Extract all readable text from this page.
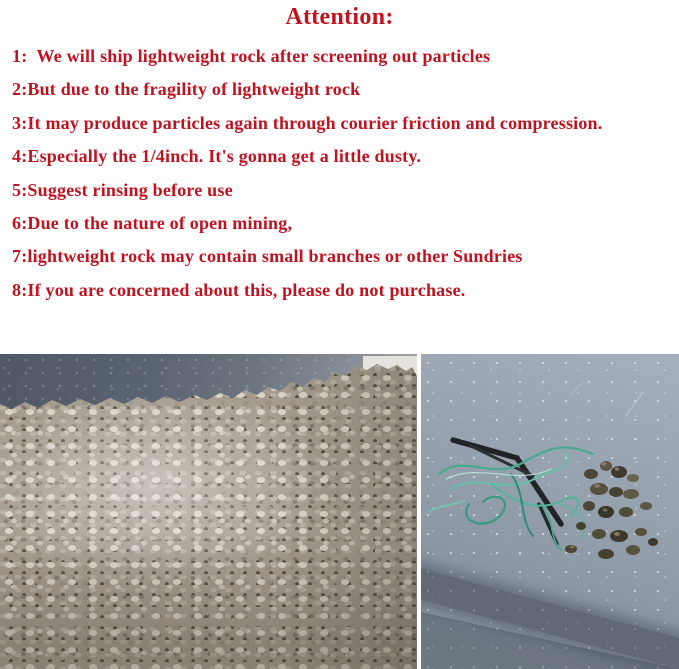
Attention:

1:  We will ship lightweight rock after screening out particles

2:But due to the fragility of lightweight rock

3:It may produce particles again through courier friction and compression.

4:Especially the 1/4inch. It's gonna get a little dusty.

5:Suggest rinsing before use

6:Due to the nature of open mining,

7:lightweight rock may contain small branches or other Sundries

8:If you are concerned about this, please do not purchase.
